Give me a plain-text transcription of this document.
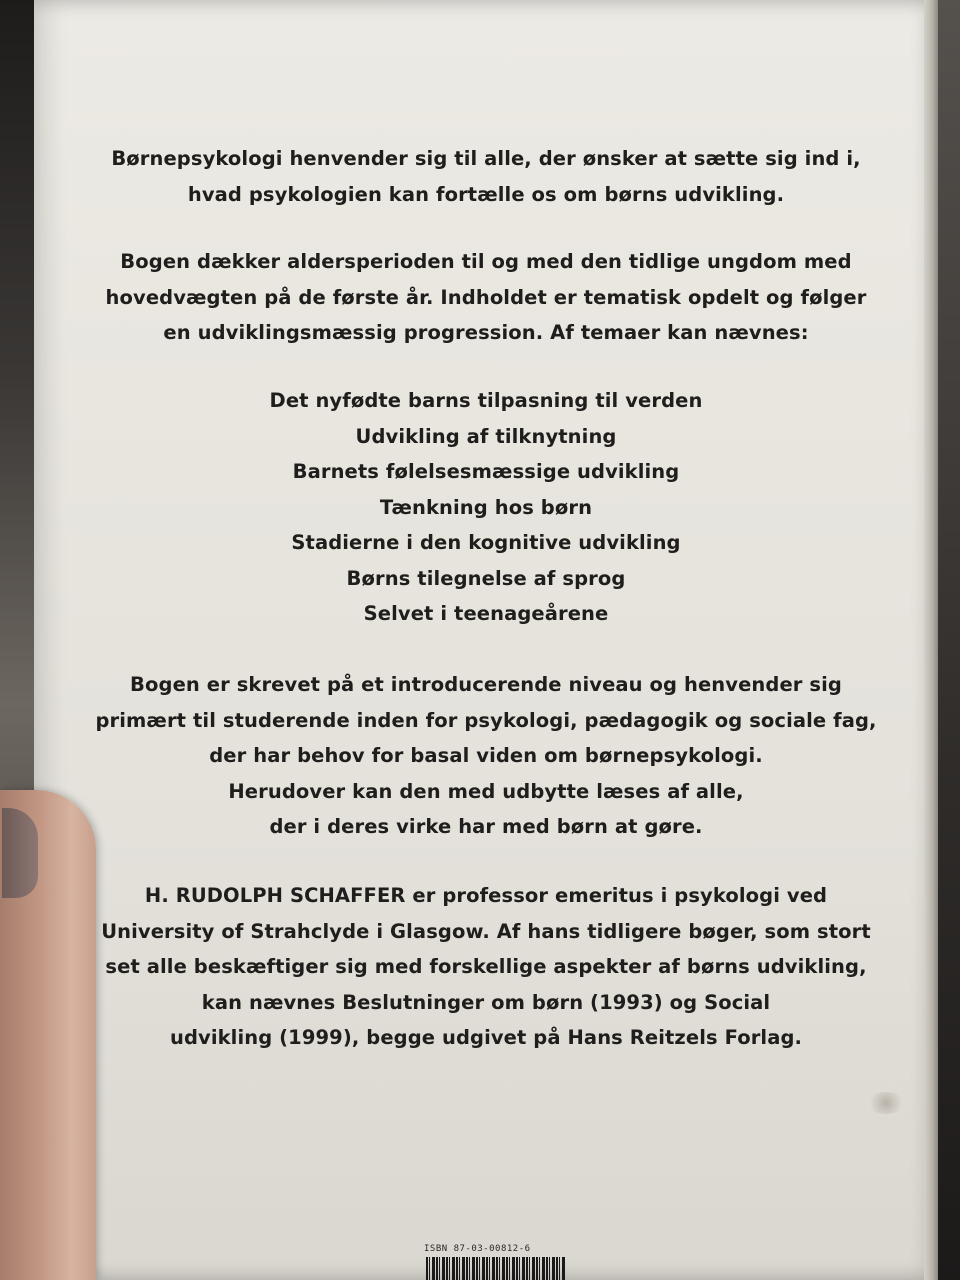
Børnepsykologi henvender sig til alle, der ønsker at sætte sig ind i,
hvad psykologien kan fortælle os om børns udvikling.
Bogen dækker aldersperioden til og med den tidlige ungdom med
hovedvægten på de første år. Indholdet er tematisk opdelt og følger
en udviklingsmæssig progression. Af temaer kan nævnes:
Det nyfødte barns tilpasning til verden
Udvikling af tilknytning
Barnets følelsesmæssige udvikling
Tænkning hos børn
Stadierne i den kognitive udvikling
Børns tilegnelse af sprog
Selvet i teenageårene
Bogen er skrevet på et introducerende niveau og henvender sig
primært til studerende inden for psykologi, pædagogik og sociale fag,
der har behov for basal viden om børnepsykologi.
Herudover kan den med udbytte læses af alle,
der i deres virke har med børn at gøre.
H. RUDOLPH SCHAFFER er professor emeritus i psykologi ved
University of Strahclyde i Glasgow. Af hans tidligere bøger, som stort
set alle beskæftiger sig med forskellige aspekter af børns udvikling,
kan nævnes Beslutninger om børn (1993) og Social
udvikling (1999), begge udgivet på Hans Reitzels Forlag.
ISBN 87-03-00812-6
